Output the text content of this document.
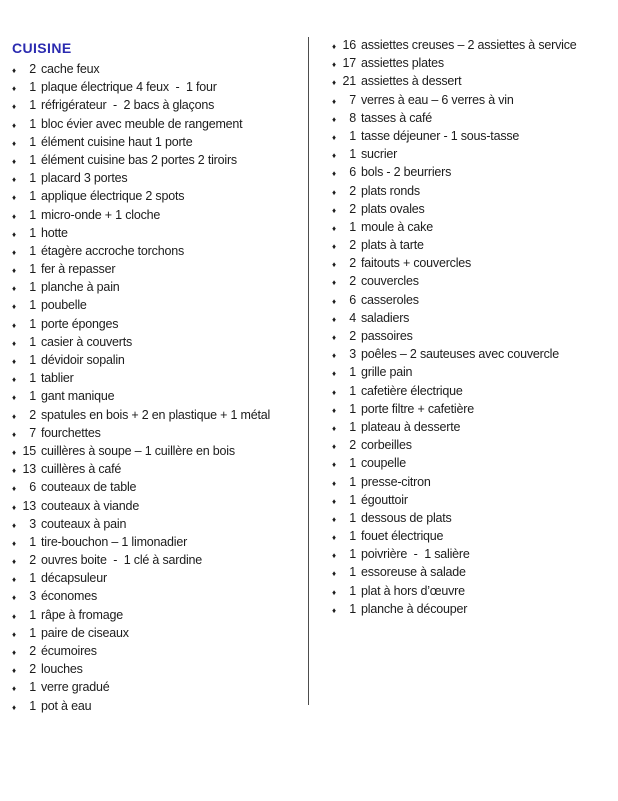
CUISINE
♦	2 cache feux
♦	1 plaque électrique 4 feux  -  1 four
♦	1 réfrigérateur  -  2 bacs à glaçons
♦	1 bloc évier avec meuble de rangement
♦	1 élément cuisine haut 1 porte
♦	1 élément cuisine bas 2 portes 2 tiroirs
♦	1 placard 3 portes
♦	1 applique électrique 2 spots
♦	1 micro-onde + 1 cloche
♦	1 hotte
♦	1 étagère accroche torchons
♦	1 fer à repasser
♦	1 planche à pain
♦	1 poubelle
♦	1 porte éponges
♦	1 casier à couverts
♦	1 dévidoir sopalin
♦	1 tablier
♦	1 gant manique
♦	2 spatules en bois + 2 en plastique + 1 métal
♦	7 fourchettes
♦ 15 cuillères à soupe – 1 cuillère en bois
♦ 13 cuillères à café
♦	6 couteaux de table
♦ 13 couteaux à viande
♦	3 couteaux à pain
♦	1 tire-bouchon – 1 limonadier
♦	2 ouvres boite  -  1 clé à sardine
♦	1 décapsuleur
♦	3 économes
♦	1 râpe à fromage
♦	1 paire de ciseaux
♦	2 écumoires
♦	2 louches
♦	1 verre gradué
♦	1 pot à eau
♦ 16 assiettes creuses – 2 assiettes à service
♦ 17 assiettes plates
♦ 21 assiettes à dessert
♦	7 verres à eau – 6 verres à vin
♦	8 tasses à café
♦	1 tasse déjeuner - 1 sous-tasse
♦	1 sucrier
♦	6 bols - 2 beurriers
♦	2 plats ronds
♦	2 plats ovales
♦	1 moule à cake
♦	2 plats à tarte
♦	2 faitouts + couvercles
♦	2 couvercles
♦	6 casseroles
♦	4 saladiers
♦	2 passoires
♦	3 poêles – 2 sauteuses avec couvercle
♦	1 grille pain
♦	1 cafetière électrique
♦	1 porte filtre + cafetière
♦	1 plateau à desserte
♦	2 corbeilles
♦	1 coupelle
♦	1 presse-citron
♦	1 égouttoir
♦	1 dessous de plats
♦	1 fouet électrique
♦	1 poivrière  -  1 salière
♦	1 essoreuse à salade
♦	1 plat à hors d’œuvre
♦	1 planche à découper
